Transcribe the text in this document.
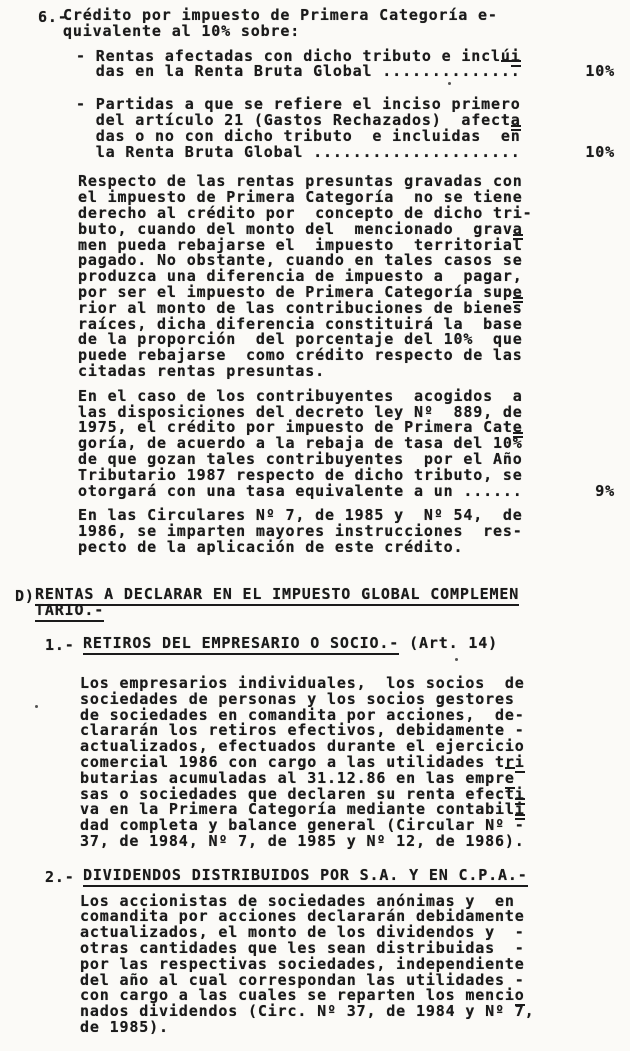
6.-
Crédito por impuesto de Primera Categoría e-
quivalente al 10% sobre:
- Rentas afectadas con dicho tributo e inclúi
das en la Renta Bruta Global ..............	10%
- Partidas a que se refiere el inciso primero
del artículo 21 (Gastos Rechazados)  afecta
das o no con dicho tributo  e incluidas  en
la Renta Bruta Global .....................	10%
Respecto de las rentas presuntas gravadas con
el impuesto de Primera Categoría  no se tiene
derecho al crédito por  concepto de dicho tri-
buto, cuando del monto del  mencionado  grava
men pueda rebajarse el  impuesto  territorial
pagado. No obstante, cuando en tales casos se
produzca una diferencia de impuesto a  pagar,
por ser el impuesto de Primera Categoría supe
rior al monto de las contribuciones de bienes
raíces, dicha diferencia constituirá la  base
de la proporción  del porcentaje del 10%  que
puede rebajarse  como crédito respecto de las
citadas rentas presuntas.
En el caso de los contribuyentes  acogidos  a
las disposiciones del decreto ley Nº  889, de
1975, el crédito por impuesto de Primera Cate
goría, de acuerdo a la rebaja de tasa del 10%
de que gozan tales contribuyentes  por el Año
Tributario 1987 respecto de dicho tributo, se
otorgará con una tasa equivalente a un ......	9%
En las Circulares Nº 7, de 1985 y  Nº 54,  de
1986, se imparten mayores instrucciones  res-
pecto de la aplicación de este crédito.
D) RENTAS A DECLARAR EN EL IMPUESTO GLOBAL COMPLEMEN
TARIO.-
1.- RETIROS DEL EMPRESARIO O SOCIO.- (Art. 14)
Los empresarios individuales,  los socios  de
sociedades de personas y los socios gestores
de sociedades en comandita por acciones,  de-
clararán los retiros efectivos, debidamente -
actualizados, efectuados durante el ejercicio
comercial 1986 con cargo a las utilidades tri
butarias acumuladas al 31.12.86 en las empre
sas o sociedades que declaren su renta efecti
va en la Primera Categoría mediante contabili
dad completa y balance general (Circular Nº -
37, de 1984, Nº 7, de 1985 y Nº 12, de 1986).
2.- DIVIDENDOS DISTRIBUIDOS POR S.A. Y EN C.P.A.-
Los accionistas de sociedades anónimas y  en
comandita por acciones declararán debidamente
actualizados, el monto de los dividendos y  -
otras cantidades que les sean distribuidas  -
por las respectivas sociedades, independiente
del año al cual correspondan las utilidades -
con cargo a las cuales se reparten los mencio
nados dividendos (Circ. Nº 37, de 1984 y Nº 7,
de 1985).
